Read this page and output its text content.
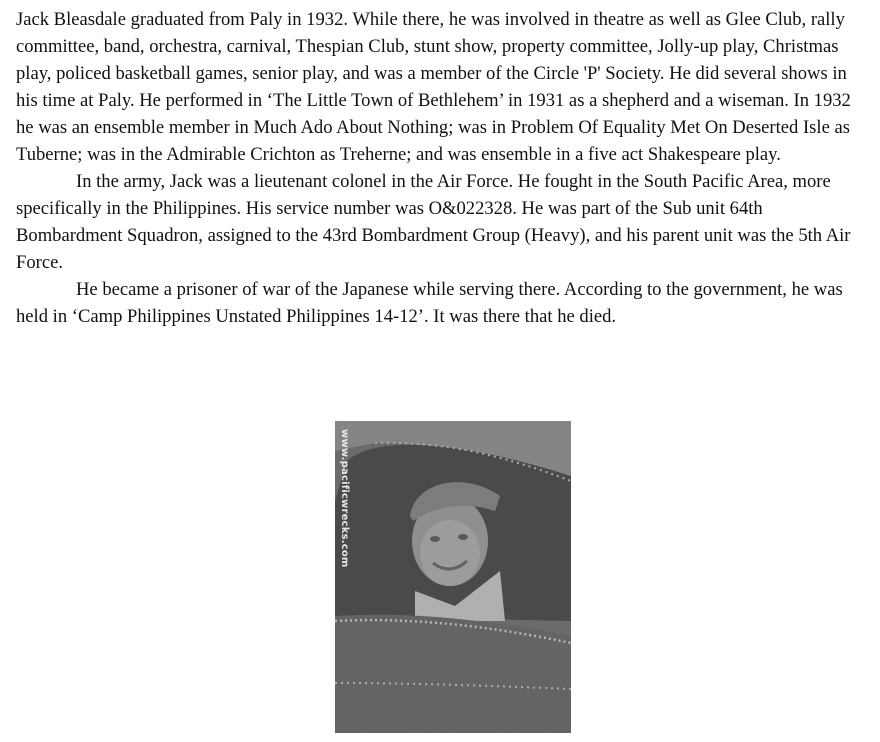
Jack Bleasdale graduated from Paly in 1932. While there, he was involved in theatre as well as Glee Club, rally committee, band, orchestra, carnival, Thespian Club, stunt show, property committee, Jolly-up play, Christmas play, policed basketball games, senior play, and was a member of the Circle 'P' Society. He did several shows in his time at Paly. He performed in ‘The Little Town of Bethlehem’ in 1931 as a shepherd and a wiseman. In 1932 he was an ensemble member in Much Ado About Nothing; was in Problem Of Equality Met On Deserted Isle as Tuberne; was in the Admirable Crichton as Treherne; and was ensemble in a five act Shakespeare play.

In the army, Jack was a lieutenant colonel in the Air Force. He fought in the South Pacific Area, more specifically in the Philippines. His service number was O&022328. He was part of the Sub unit 64th Bombardment Squadron, assigned to the 43rd Bombardment Group (Heavy), and his parent unit was the 5th Air Force.

He became a prisoner of war of the Japanese while serving there. According to the government, he was held in ‘Camp Philippines Unstated Philippines 14-12’. It was there that he died.

www.pacificwrecks.com
